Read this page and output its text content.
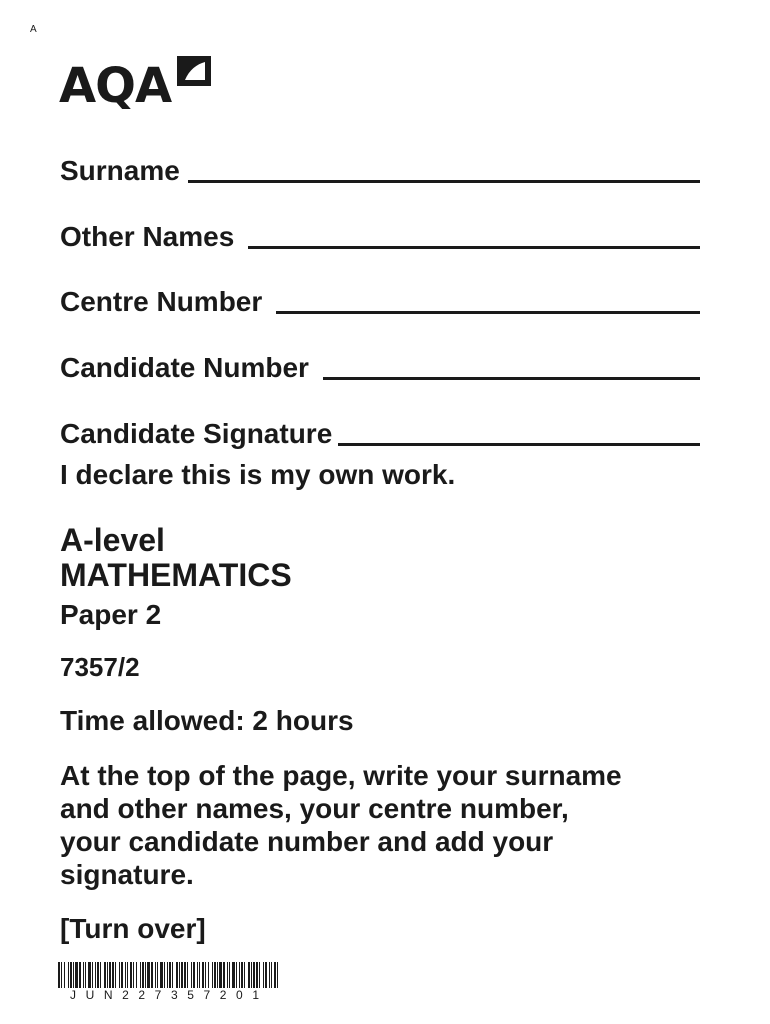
A
AQA
Surname
Other Names
Centre Number
Candidate Number
Candidate Signature
I declare this is my own work.
A-level
MATHEMATICS
Paper 2
7357/2
Time allowed: 2 hours
At the top of the page, write your surname
and other names, your centre number,
your candidate number and add your
signature.
[Turn over]
JUN227357201
